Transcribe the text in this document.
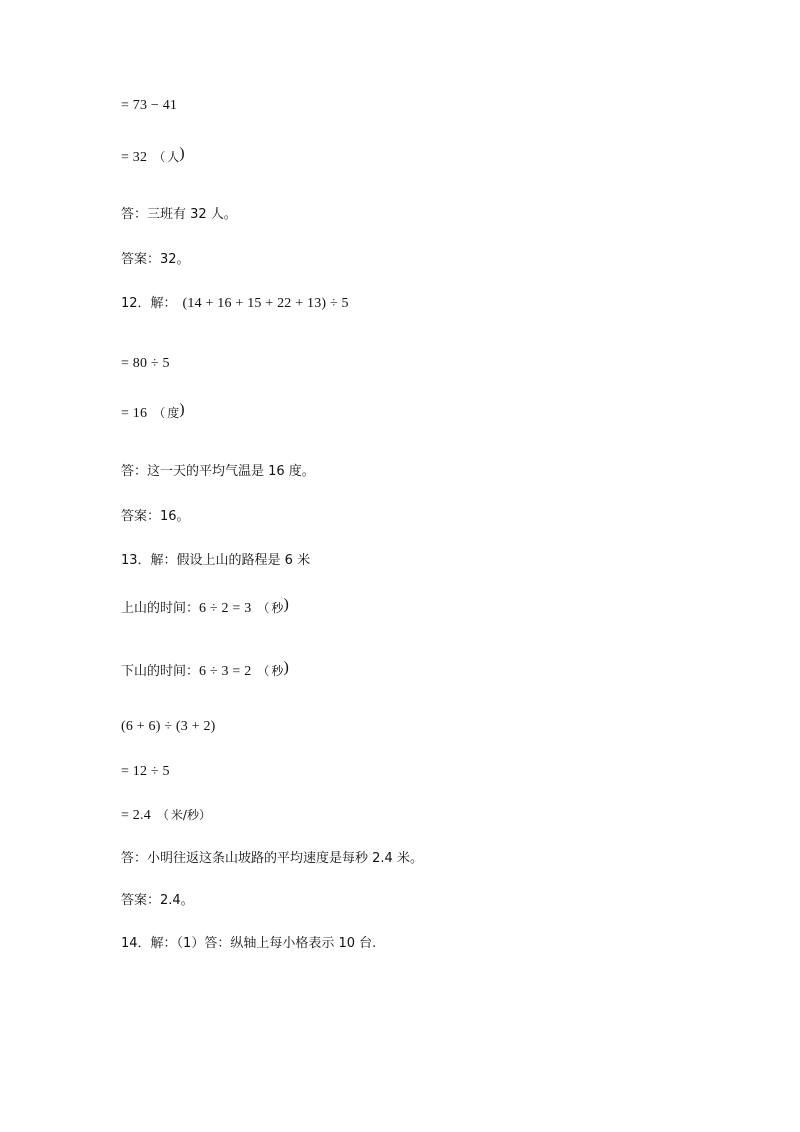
= 73 − 41
= 32 （ 人)
答：三班有 32 人。
答案：32。
12．解： (14 + 16 + 15 + 22 + 13) ÷ 5
= 80 ÷ 5
= 16 （ 度)
答：这一天的平均气温是 16 度。
答案：16。
13．解：假设上山的路程是 6 米
上山的时间：6 ÷ 2 = 3 （ 秒)
下山的时间：6 ÷ 3 = 2 （ 秒)
(6 + 6) ÷ (3 + 2)
= 12 ÷ 5
= 2.4 （ 米/秒）
答：小明往返这条山坡路的平均速度是每秒 2.4 米。
答案：2.4。
14．解：（1）答：纵轴上每小格表示 10 台.
